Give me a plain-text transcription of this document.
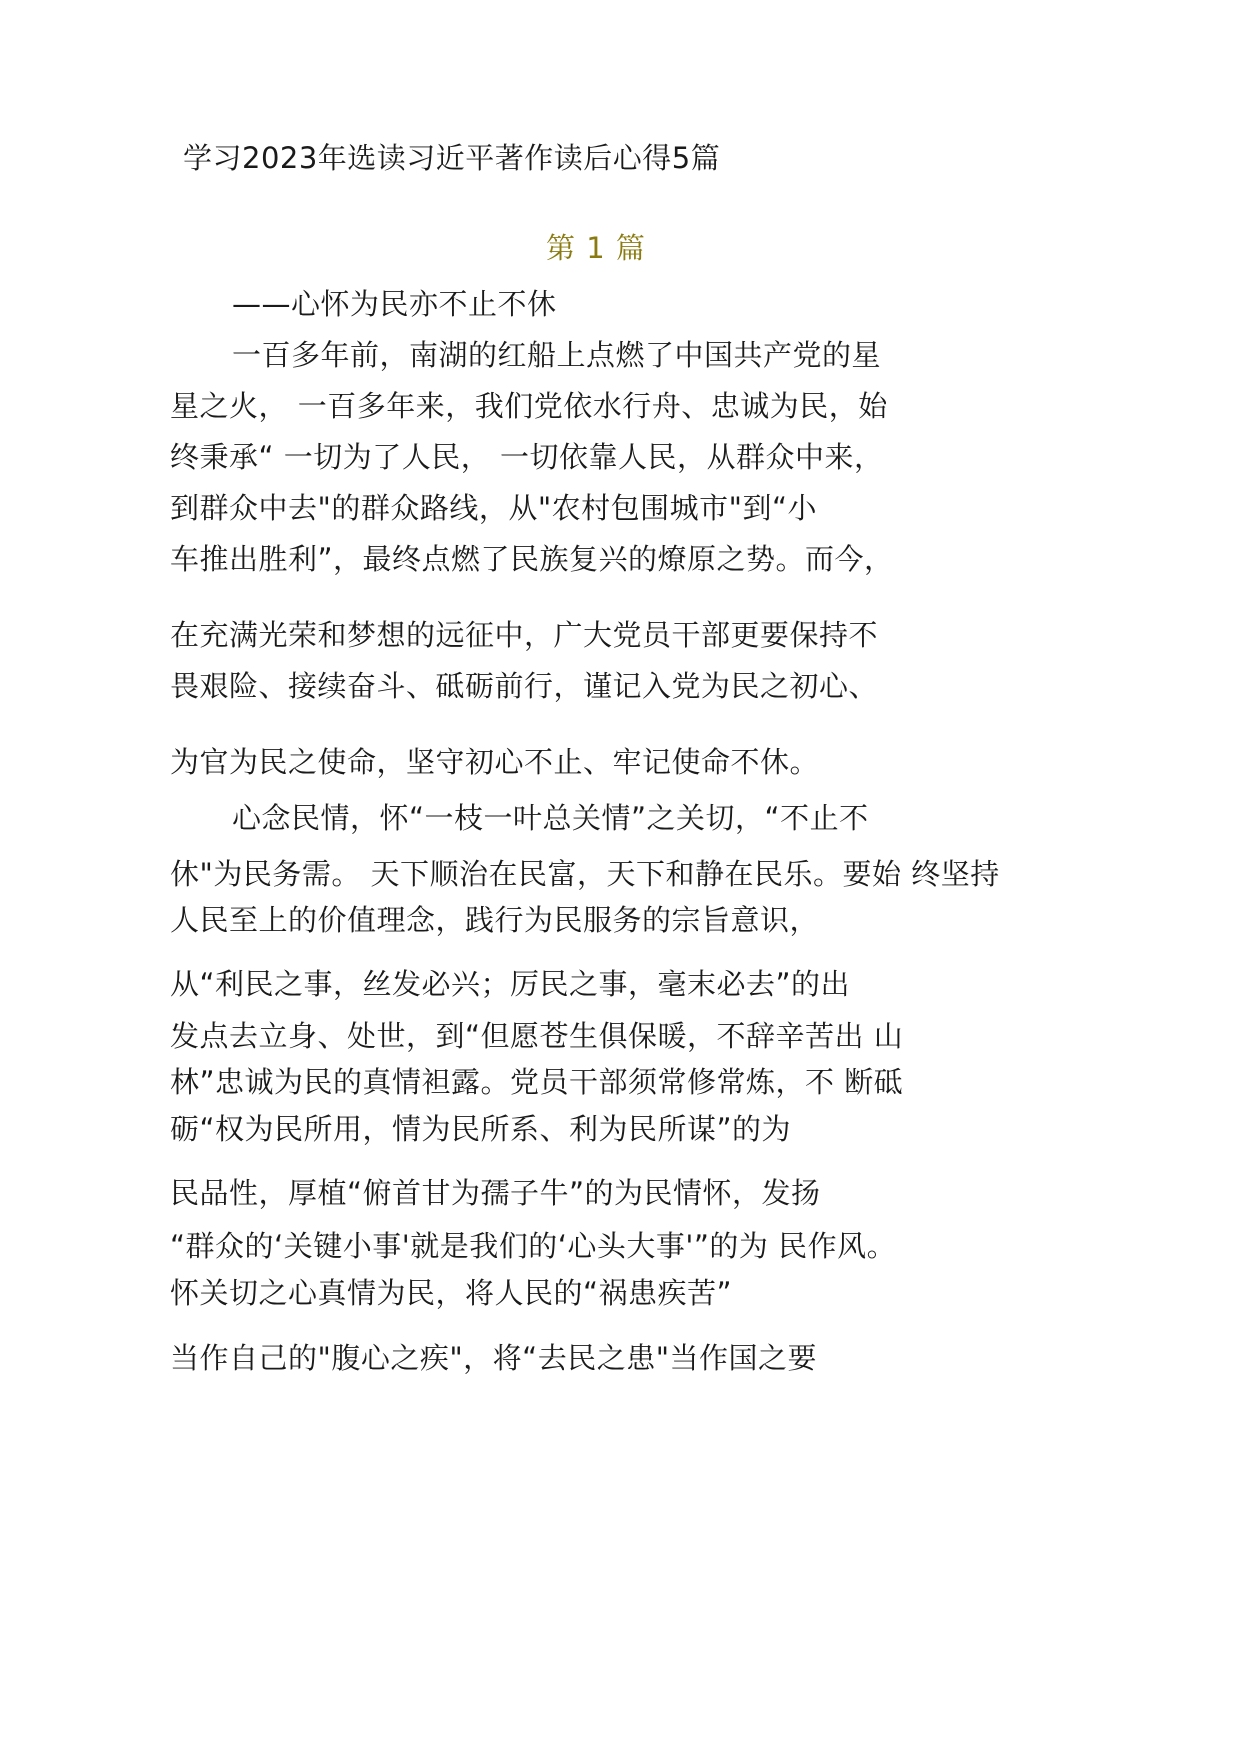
学习2023年选读习近平著作读后心得5篇
第 1 篇
——心怀为民亦不止不休
一百多年前，南湖的红船上点燃了中国共产党的星
星之火， 一百多年来，我们党依水行舟、忠诚为民，始
终秉承“ 一切为了人民， 一切依靠人民，从群众中来，
到群众中去"的群众路线，从"农村包围城市"到“小
车推出胜利”，最终点燃了民族复兴的燎原之势。而今，
在充满光荣和梦想的远征中，广大党员干部更要保持不
畏艰险、接续奋斗、砥砺前行，谨记入党为民之初心、
为官为民之使命，坚守初心不止、牢记使命不休。
心念民情，怀“一枝一叶总关情”之关切，“不止不
休"为民务需。 天下顺治在民富，天下和静在民乐。要始 终坚持
人民至上的价值理念，践行为民服务的宗旨意识，
从“利民之事，丝发必兴；厉民之事，毫末必去”的出
发点去立身、处世，到“但愿苍生俱保暖，不辞辛苦出 山
林”忠诚为民的真情袒露。党员干部须常修常炼，不 断砥
砺“权为民所用，情为民所系、利为民所谋”的为
民品性，厚植“俯首甘为孺子牛”的为民情怀，发扬
“群众的‘关键小事'就是我们的‘心头大事'”的为 民作风。
怀关切之心真情为民，将人民的“祸患疾苦”
当作自己的"腹心之疾"，将“去民之患"当作国之要
